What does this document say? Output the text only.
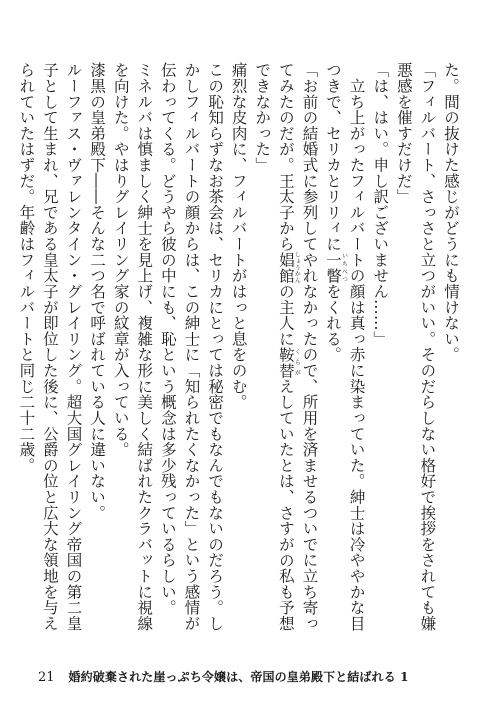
た。間の抜けた感じがどうにも情けない。

「フィルバート、さっさと立つがいい。そのだらしない格好で挨拶をされても嫌悪感を催すだけだ」

「は、はい。申し訳ございません……」

　立ち上がったフィルバートの顔は真っ赤に染まっていた。紳士は冷ややかな目つきで、セリカとリリィに一瞥いちべつをくれる。

「お前の結婚式に参列してやれなかったので、所用を済ませるついでに立ち寄ってみたのだが。王太子から娼館しょうかんの主人に鞍替くらがえしていたとは、さすがの私も予想できなかった」

痛烈な皮肉に、フィルバートがはっと息をのむ。

この恥知らずなお茶会は、セリカにとっては秘密でもなんでもないのだろう。しかしフィルバートの顔からは、この紳士に「知られたくなかった」という感情が伝わってくる。どうやら彼の中にも、恥という概念は多少残っているらしい。

ミネルバは慎ましく紳士を見上げ、複雑な形に美しく結ばれたクラバットに視線を向けた。やはりグレイリング家の紋章が入っている。

漆黒の皇弟殿下――そんな二つ名で呼ばれている人に違いない。

ルーファス・ヴァレンタイン・グレイリング。超大国グレイリング帝国の第二皇子として生まれ、兄である皇太子が即位した後に、公爵の位と広大な領地を与えられていたはずだ。年齢はフィルバートと同じ二十二歳。

21 婚約破棄された崖っぷち令嬢は、帝国の皇弟殿下と結ばれる 1
